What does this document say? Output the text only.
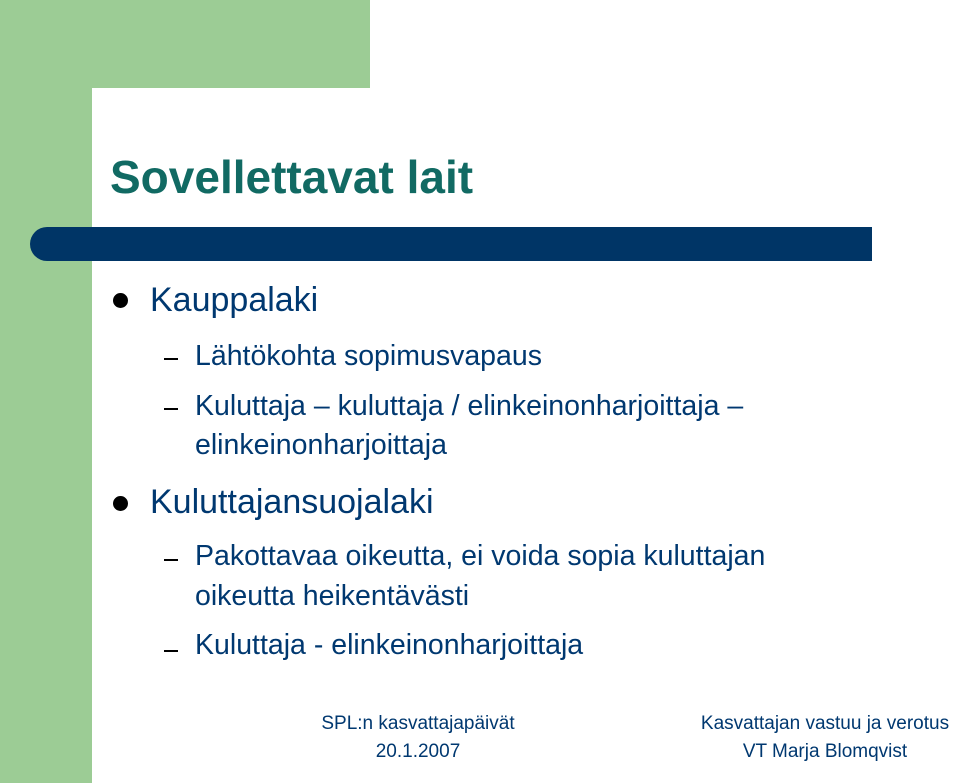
Sovellettavat lait
Kauppalaki
Lähtökohta sopimusvapaus
Kuluttaja – kuluttaja / elinkeinonharjoittaja –
elinkeinonharjoittaja
Kuluttajansuojalaki
Pakottavaa oikeutta, ei voida sopia kuluttajan
oikeutta heikentävästi
Kuluttaja - elinkeinonharjoittaja
SPL:n kasvattajapäivät
20.1.2007
Kasvattajan vastuu ja verotus
VT Marja Blomqvist
